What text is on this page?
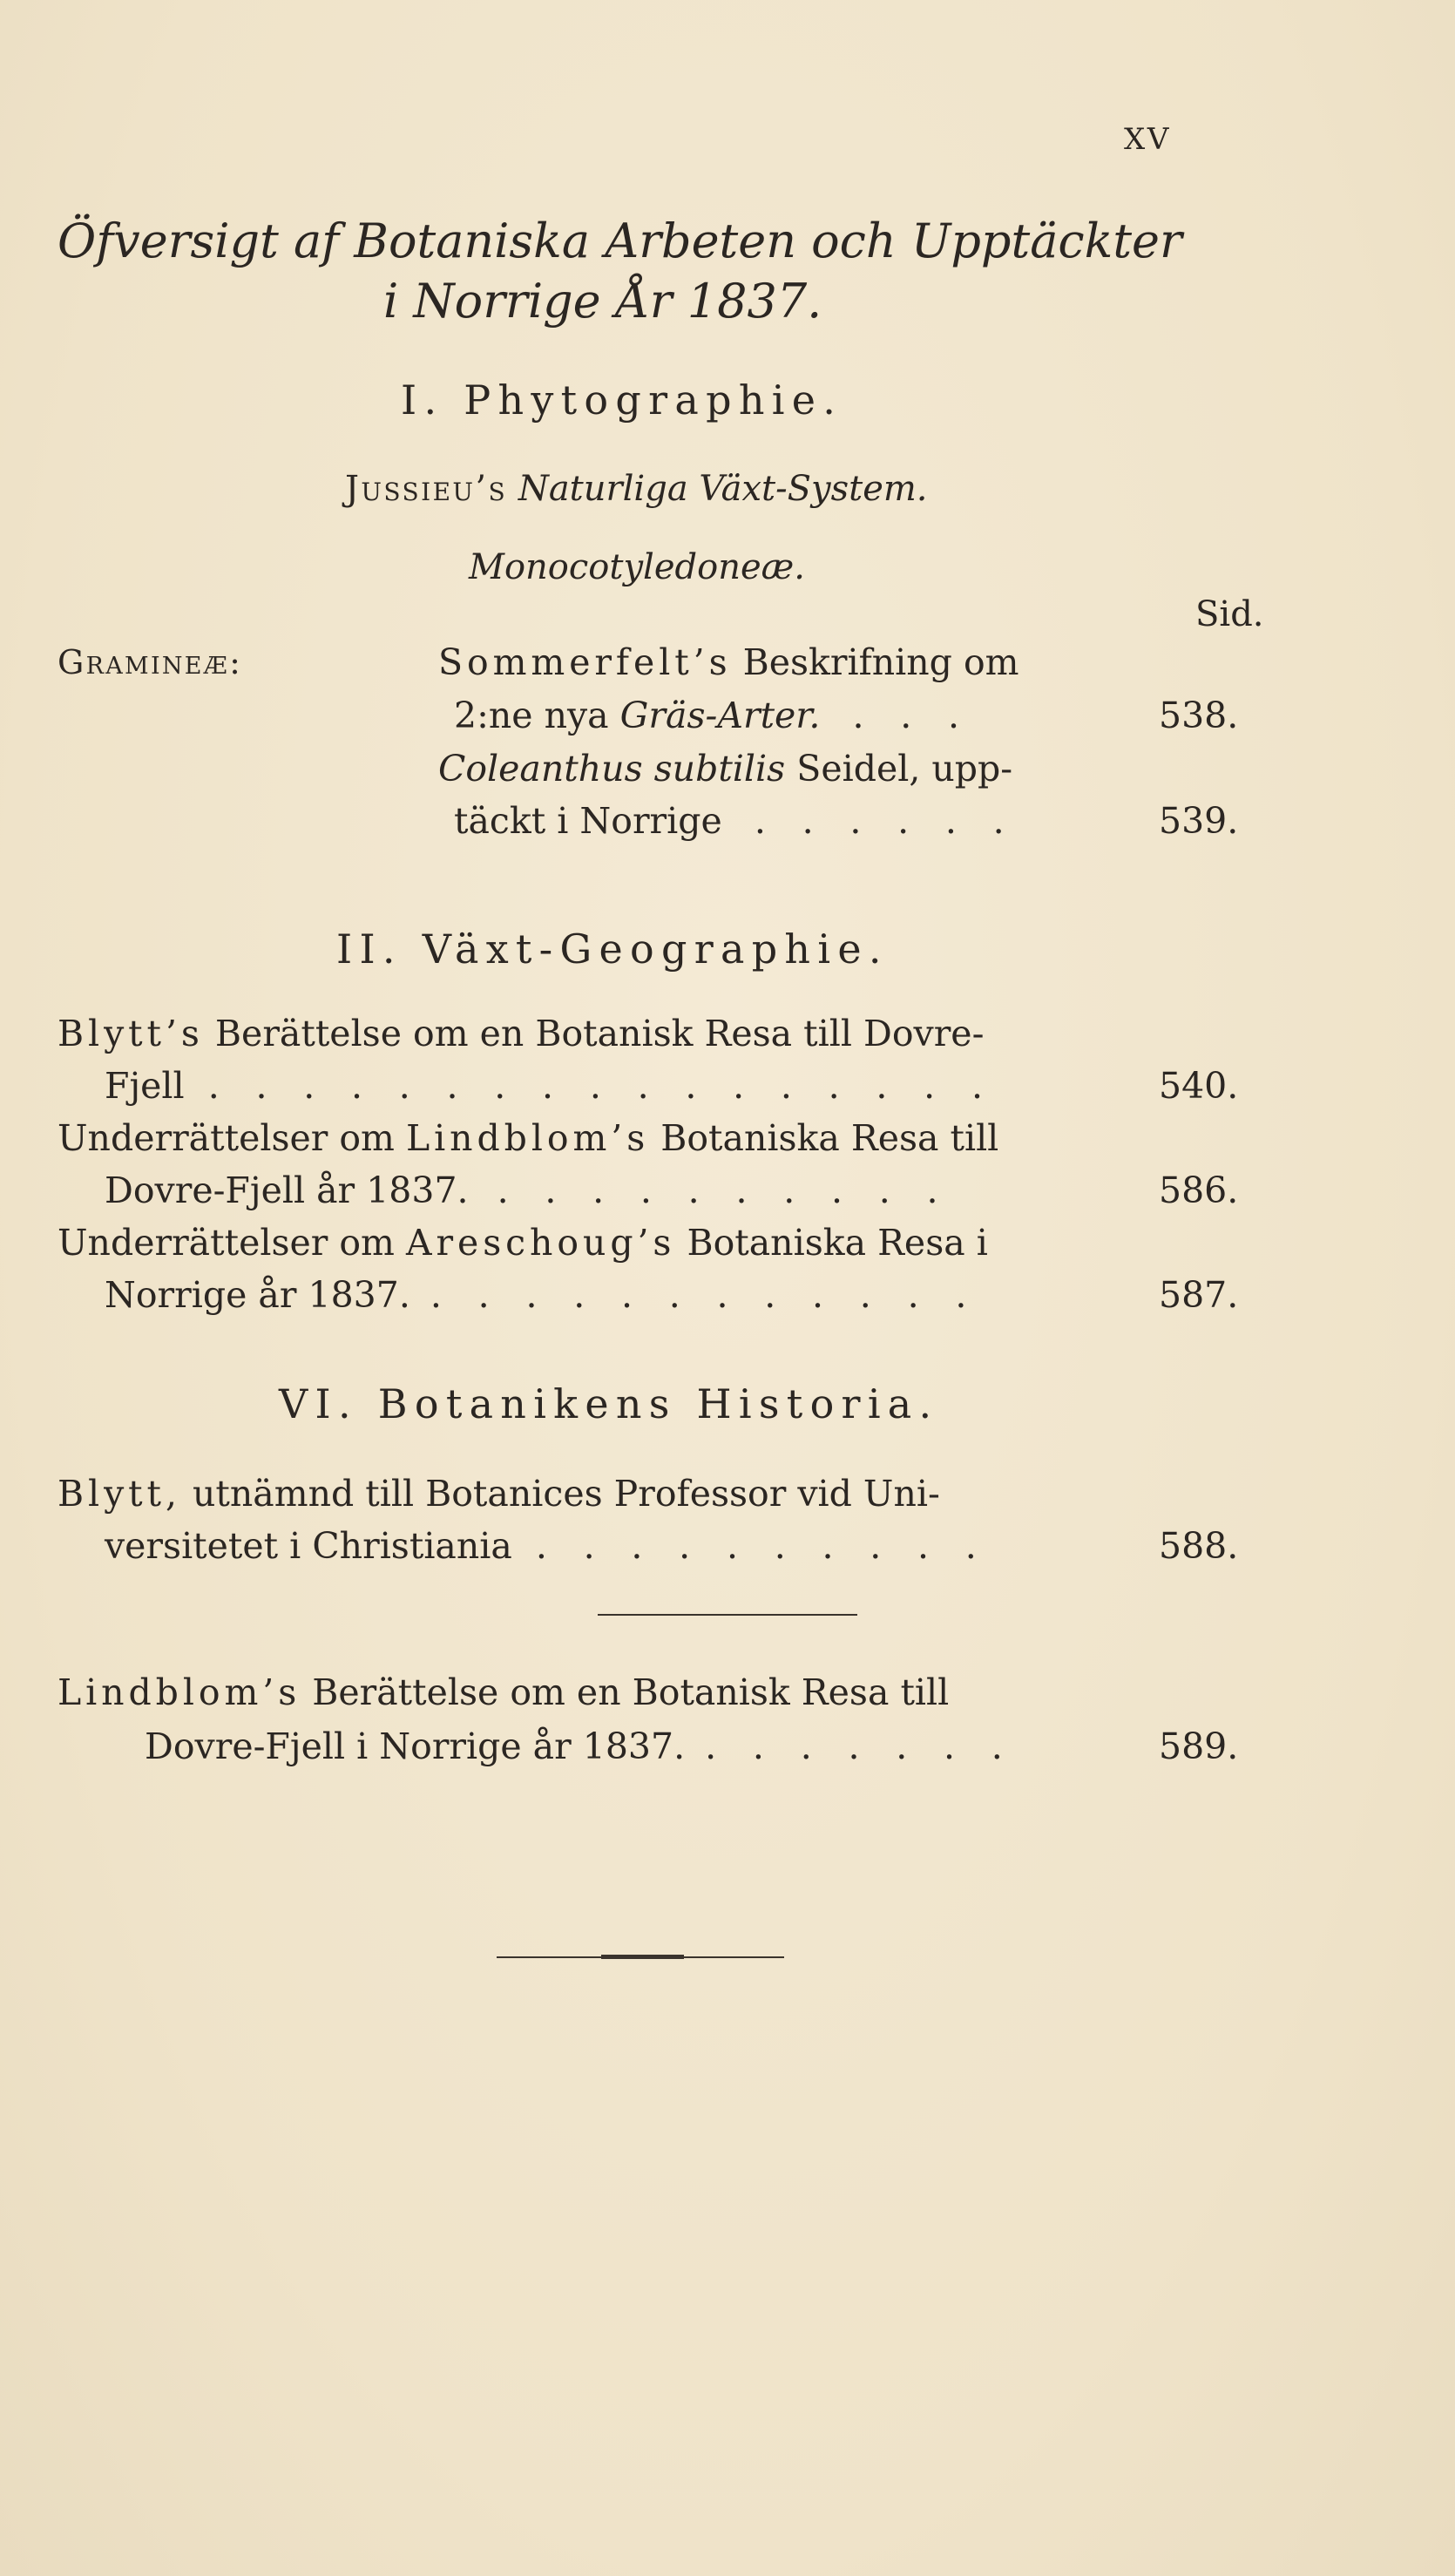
XV
Öfversigt af Botaniska Arbeten och Upptäckter
i Norrige År 1837.
I. Phytographie.
Jussieu’s Naturliga Växt-System.
Monocotyledoneæ.
Sid.
Gramineæ:	Sommerfelt’s Beskrifning om
2:ne nya Gräs-Arter. . . .	538.
Coleanthus subtilis Seidel, upp-
täckt i Norrige . . . . . .	539.
II. Växt-Geographie.
Blytt’s Berättelse om en Botanisk Resa till Dovre-
Fjell . . . . . . . . . . . . . . . . .	540.
Underrättelser om Lindblom’s Botaniska Resa till
Dovre-Fjell år 1837. . . . . . . . . . .	586.
Underrättelser om Areschoug’s Botaniska Resa i
Norrige år 1837. . . . . . . . . . . . .	587.
VI. Botanikens Historia.
Blytt, utnämnd till Botanices Professor vid Uni-
versitetet i Christiania . . . . . . . . . .	588.
Lindblom’s Berättelse om en Botanisk Resa till
Dovre-Fjell i Norrige år 1837. . . . . . . .	589.
